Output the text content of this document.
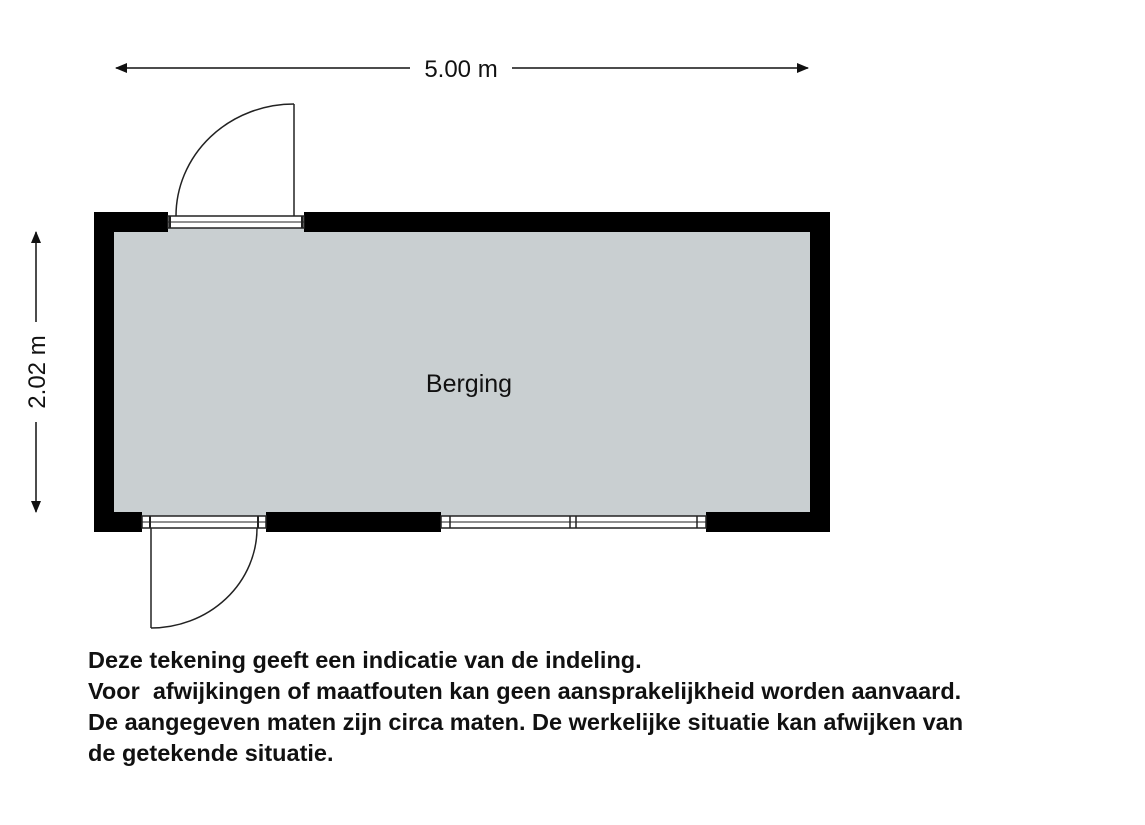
Berging
5.00 m
2.02 m

Deze tekening geeft een indicatie van de indeling.

Voor  afwijkingen of maatfouten kan geen aansprakelijkheid worden aanvaard.

De aangegeven maten zijn circa maten. De werkelijke situatie kan afwijken van

de getekende situatie.
